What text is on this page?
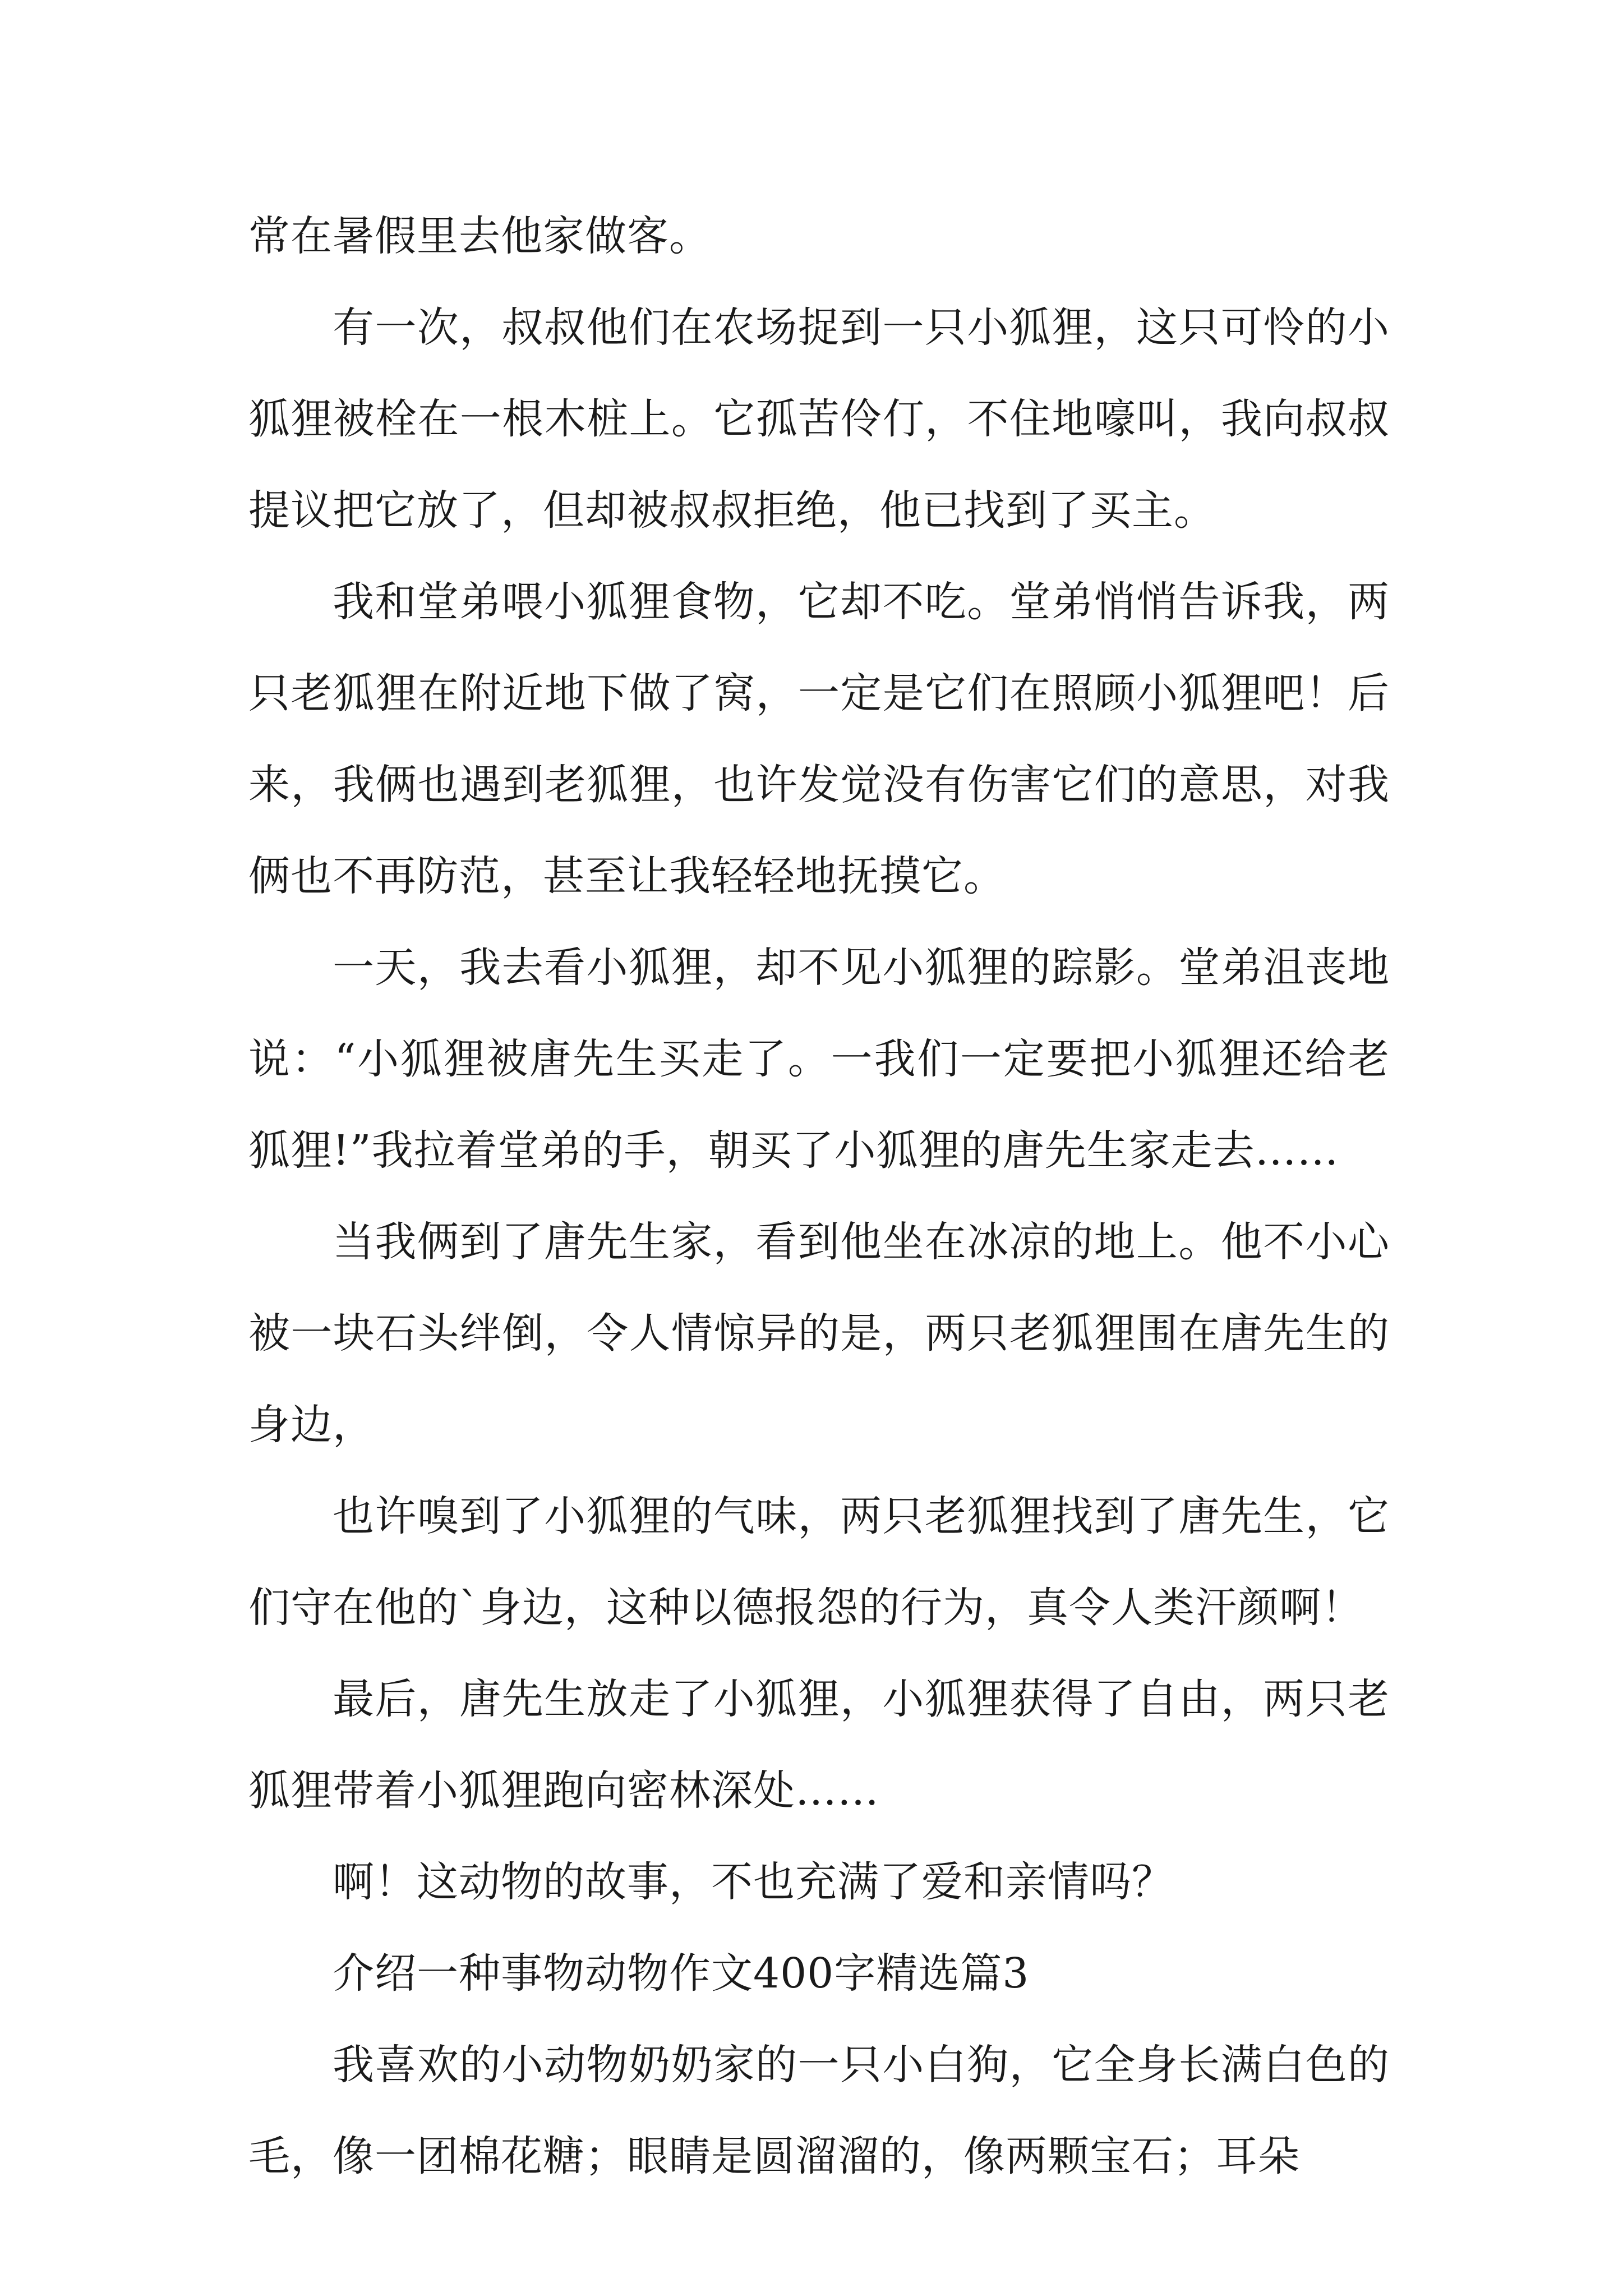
常在暑假里去他家做客。

有一次，叔叔他们在农场捉到一只小狐狸，这只可怜的小狐狸被栓在一根木桩上。它孤苦伶仃，不住地嚎叫，我向叔叔提议把它放了，但却被叔叔拒绝，他已找到了买主。

我和堂弟喂小狐狸食物，它却不吃。堂弟悄悄告诉我，两只老狐狸在附近地下做了窝，一定是它们在照顾小狐狸吧！后来，我俩也遇到老狐狸，也许发觉没有伤害它们的意思，对我俩也不再防范，甚至让我轻轻地抚摸它。

一天，我去看小狐狸，却不见小狐狸的踪影。堂弟沮丧地说：“小狐狸被唐先生买走了。一我们一定要把小狐狸还给老狐狸!”我拉着堂弟的手，朝买了小狐狸的唐先生家走去……

当我俩到了唐先生家，看到他坐在冰凉的地上。他不小心被一块石头绊倒，令人情惊异的是，两只老狐狸围在唐先生的身边，

也许嗅到了小狐狸的气味，两只老狐狸找到了唐先生，它们守在他的`身边，这种以德报怨的行为，真令人类汗颜啊！

最后，唐先生放走了小狐狸，小狐狸获得了自由，两只老狐狸带着小狐狸跑向密林深处……

啊！这动物的故事，不也充满了爱和亲情吗？

介绍一种事物动物作文400字精选篇3

我喜欢的小动物奶奶家的一只小白狗，它全身长满白色的毛，像一团棉花糖；眼睛是圆溜溜的，像两颗宝石；耳朵
